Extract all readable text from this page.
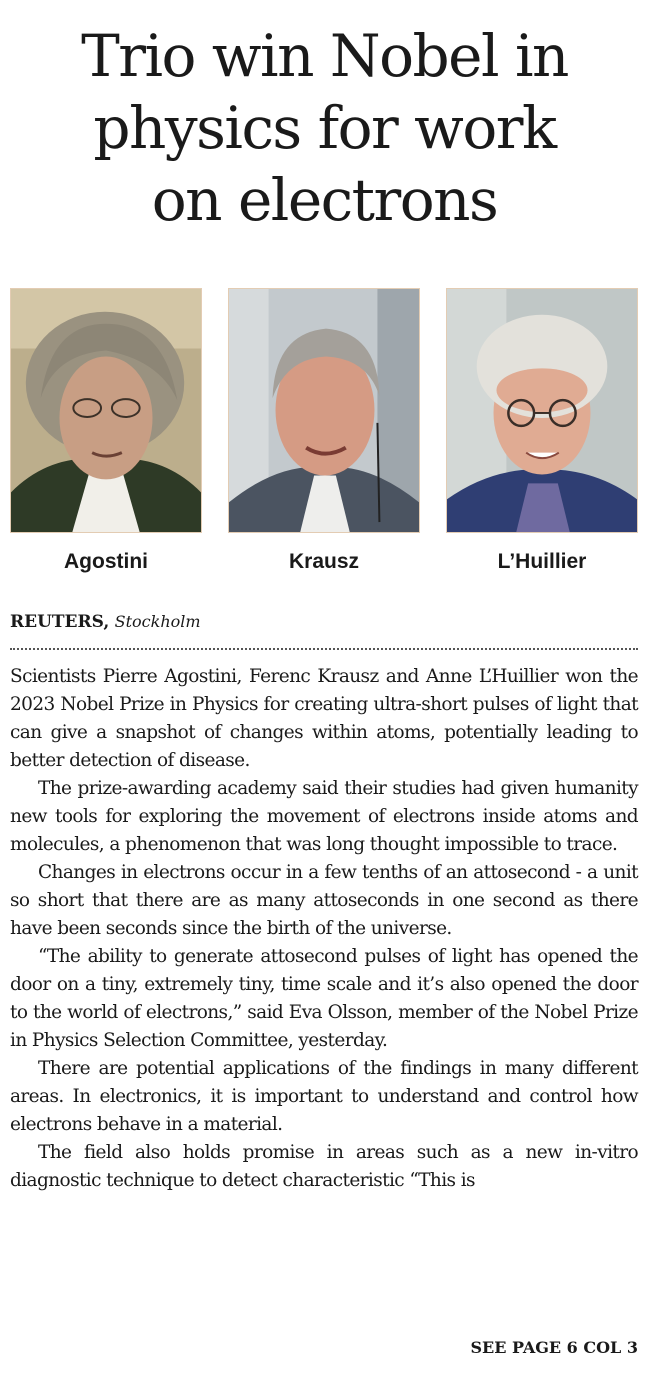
Trio win Nobel in
physics for work
on electrons
Agostini	Krausz	L’Huillier
REUTERS, Stockholm

Scientists Pierre Agostini, Ferenc Krausz and Anne L’Huillier won the 2023 Nobel Prize in Physics for creating ultra-short pulses of light that can give a snapshot of changes within atoms, potentially leading to better detection of disease.

The prize-awarding academy said their studies had given humanity new tools for exploring the movement of electrons inside atoms and molecules, a phenomenon that was long thought impossible to trace.

Changes in electrons occur in a few tenths of an attosecond - a unit so short that there are as many attoseconds in one second as there have been seconds since the birth of the universe.

“The ability to generate attosecond pulses of light has opened the door on a tiny, extremely tiny, time scale and it’s also opened the door to the world of electrons,” said Eva Olsson, member of the Nobel Prize in Physics Selection Committee, yesterday.

There are potential applications of the findings in many different areas. In electronics, it is important to understand and control how electrons behave in a material.

The field also holds promise in areas such as a new in-vitro diagnostic technique to detect characteristic “This is

SEE PAGE 6 COL 3
